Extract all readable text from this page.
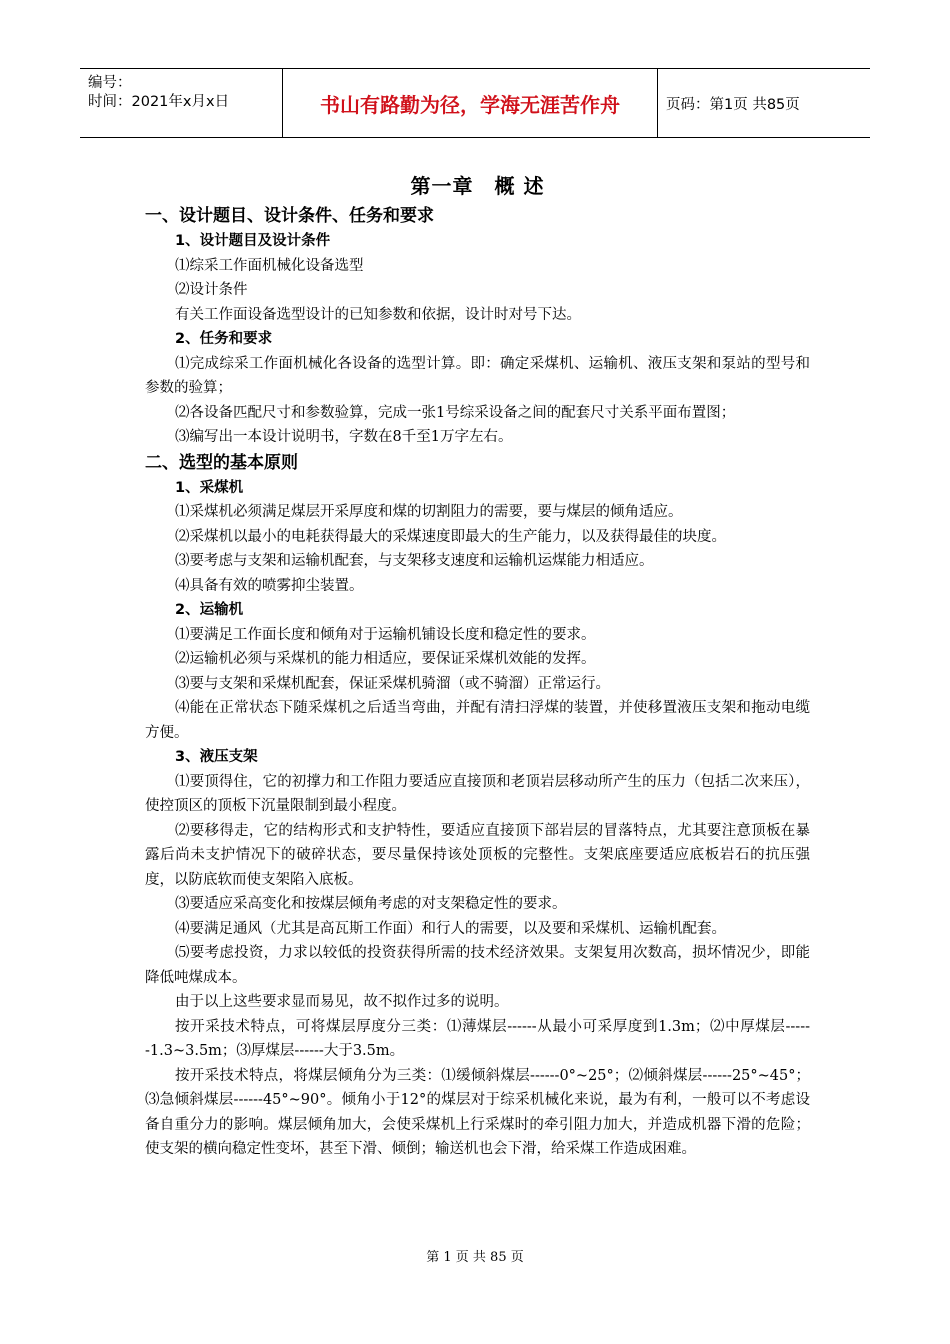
编号：
时间：2021年x月x日	书山有路勤为径，学海无涯苦作舟	页码：第1页 共85页
第一章　概 述
一、设计题目、设计条件、任务和要求
1、设计题目及设计条件
⑴综采工作面机械化设备选型
⑵设计条件
有关工作面设备选型设计的已知参数和依据，设计时对号下达。
2、任务和要求
⑴完成综采工作面机械化各设备的选型计算。即：确定采煤机、运输机、液压支架和泵站的型号和参数的验算；
⑵各设备匹配尺寸和参数验算，完成一张1号综采设备之间的配套尺寸关系平面布置图；
⑶编写出一本设计说明书，字数在8千至1万字左右。
二、选型的基本原则
1、采煤机
⑴采煤机必须满足煤层开采厚度和煤的切割阻力的需要，要与煤层的倾角适应。
⑵采煤机以最小的电耗获得最大的采煤速度即最大的生产能力，以及获得最佳的块度。
⑶要考虑与支架和运输机配套，与支架移支速度和运输机运煤能力相适应。
⑷具备有效的喷雾抑尘装置。
2、运输机
⑴要满足工作面长度和倾角对于运输机铺设长度和稳定性的要求。
⑵运输机必须与采煤机的能力相适应，要保证采煤机效能的发挥。
⑶要与支架和采煤机配套，保证采煤机骑溜（或不骑溜）正常运行。
⑷能在正常状态下随采煤机之后适当弯曲，并配有清扫浮煤的装置，并使移置液压支架和拖动电缆方便。
3、液压支架
⑴要顶得住，它的初撑力和工作阻力要适应直接顶和老顶岩层移动所产生的压力（包括二次来压），使控顶区的顶板下沉量限制到最小程度。
⑵要移得走，它的结构形式和支护特性，要适应直接顶下部岩层的冒落特点，尤其要注意顶板在暴露后尚未支护情况下的破碎状态，要尽量保持该处顶板的完整性。支架底座要适应底板岩石的抗压强度，以防底软而使支架陷入底板。
⑶要适应采高变化和按煤层倾角考虑的对支架稳定性的要求。
⑷要满足通风（尤其是高瓦斯工作面）和行人的需要，以及要和采煤机、运输机配套。
⑸要考虑投资，力求以较低的投资获得所需的技术经济效果。支架复用次数高，损坏情况少，即能降低吨煤成本。
由于以上这些要求显而易见，故不拟作过多的说明。
按开采技术特点，可将煤层厚度分三类：⑴薄煤层------从最小可采厚度到1.3m；⑵中厚煤层------1.3~3.5m；⑶厚煤层------大于3.5m。
按开采技术特点，将煤层倾角分为三类：⑴缓倾斜煤层------0°~25°；⑵倾斜煤层------25°~45°；⑶急倾斜煤层------45°~90°。倾角小于12°的煤层对于综采机械化来说，最为有利，一般可以不考虑设备自重分力的影响。煤层倾角加大，会使采煤机上行采煤时的牵引阻力加大，并造成机器下滑的危险；使支架的横向稳定性变坏，甚至下滑、倾倒；输送机也会下滑，给采煤工作造成困难。
第 1 页 共 85 页
